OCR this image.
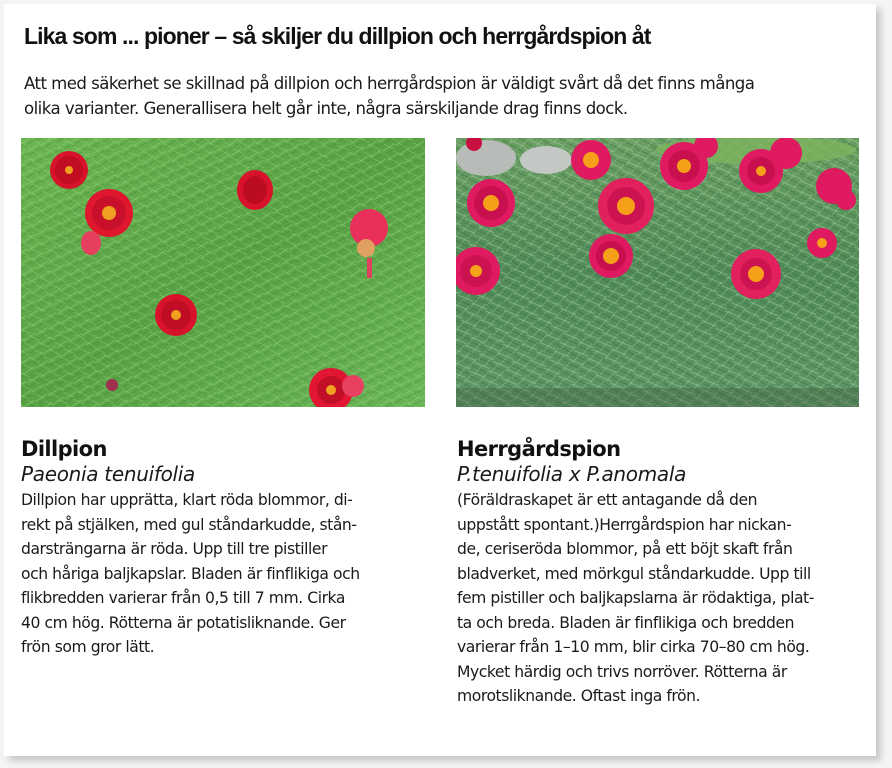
Lika som ... pioner – så skiljer du dillpion och herrgårdspion åt
Att med säkerhet se skillnad på dillpion och herrgårdspion är väldigt svårt då det finns många
olika varianter. Generallisera helt går inte, några särskiljande drag finns dock.
Dillpion
Paeonia tenuifolia
Dillpion har upprätta, klart röda blommor, di-
rekt på stjälken, med gul ståndarkudde, stån-
darsträngarna är röda. Upp till tre pistiller
och håriga baljkapslar. Bladen är finflikiga och
flikbredden varierar från 0,5 till 7 mm. Cirka
40 cm hög. Rötterna är potatisliknande. Ger
frön som gror lätt.
Herrgårdspion
P.tenuifolia x P.anomala
(Föräldraskapet är ett antagande då den
uppstått spontant.)Herrgårdspion har nickan-
de, ceriseröda blommor, på ett böjt skaft från
bladverket, med mörkgul ståndarkudde. Upp till
fem pistiller och baljkapslarna är rödaktiga, plat-
ta och breda. Bladen är finflikiga och bredden
varierar från 1–10 mm, blir cirka 70–80 cm hög.
Mycket härdig och trivs norröver. Rötterna är
morotsliknande. Oftast inga frön.
